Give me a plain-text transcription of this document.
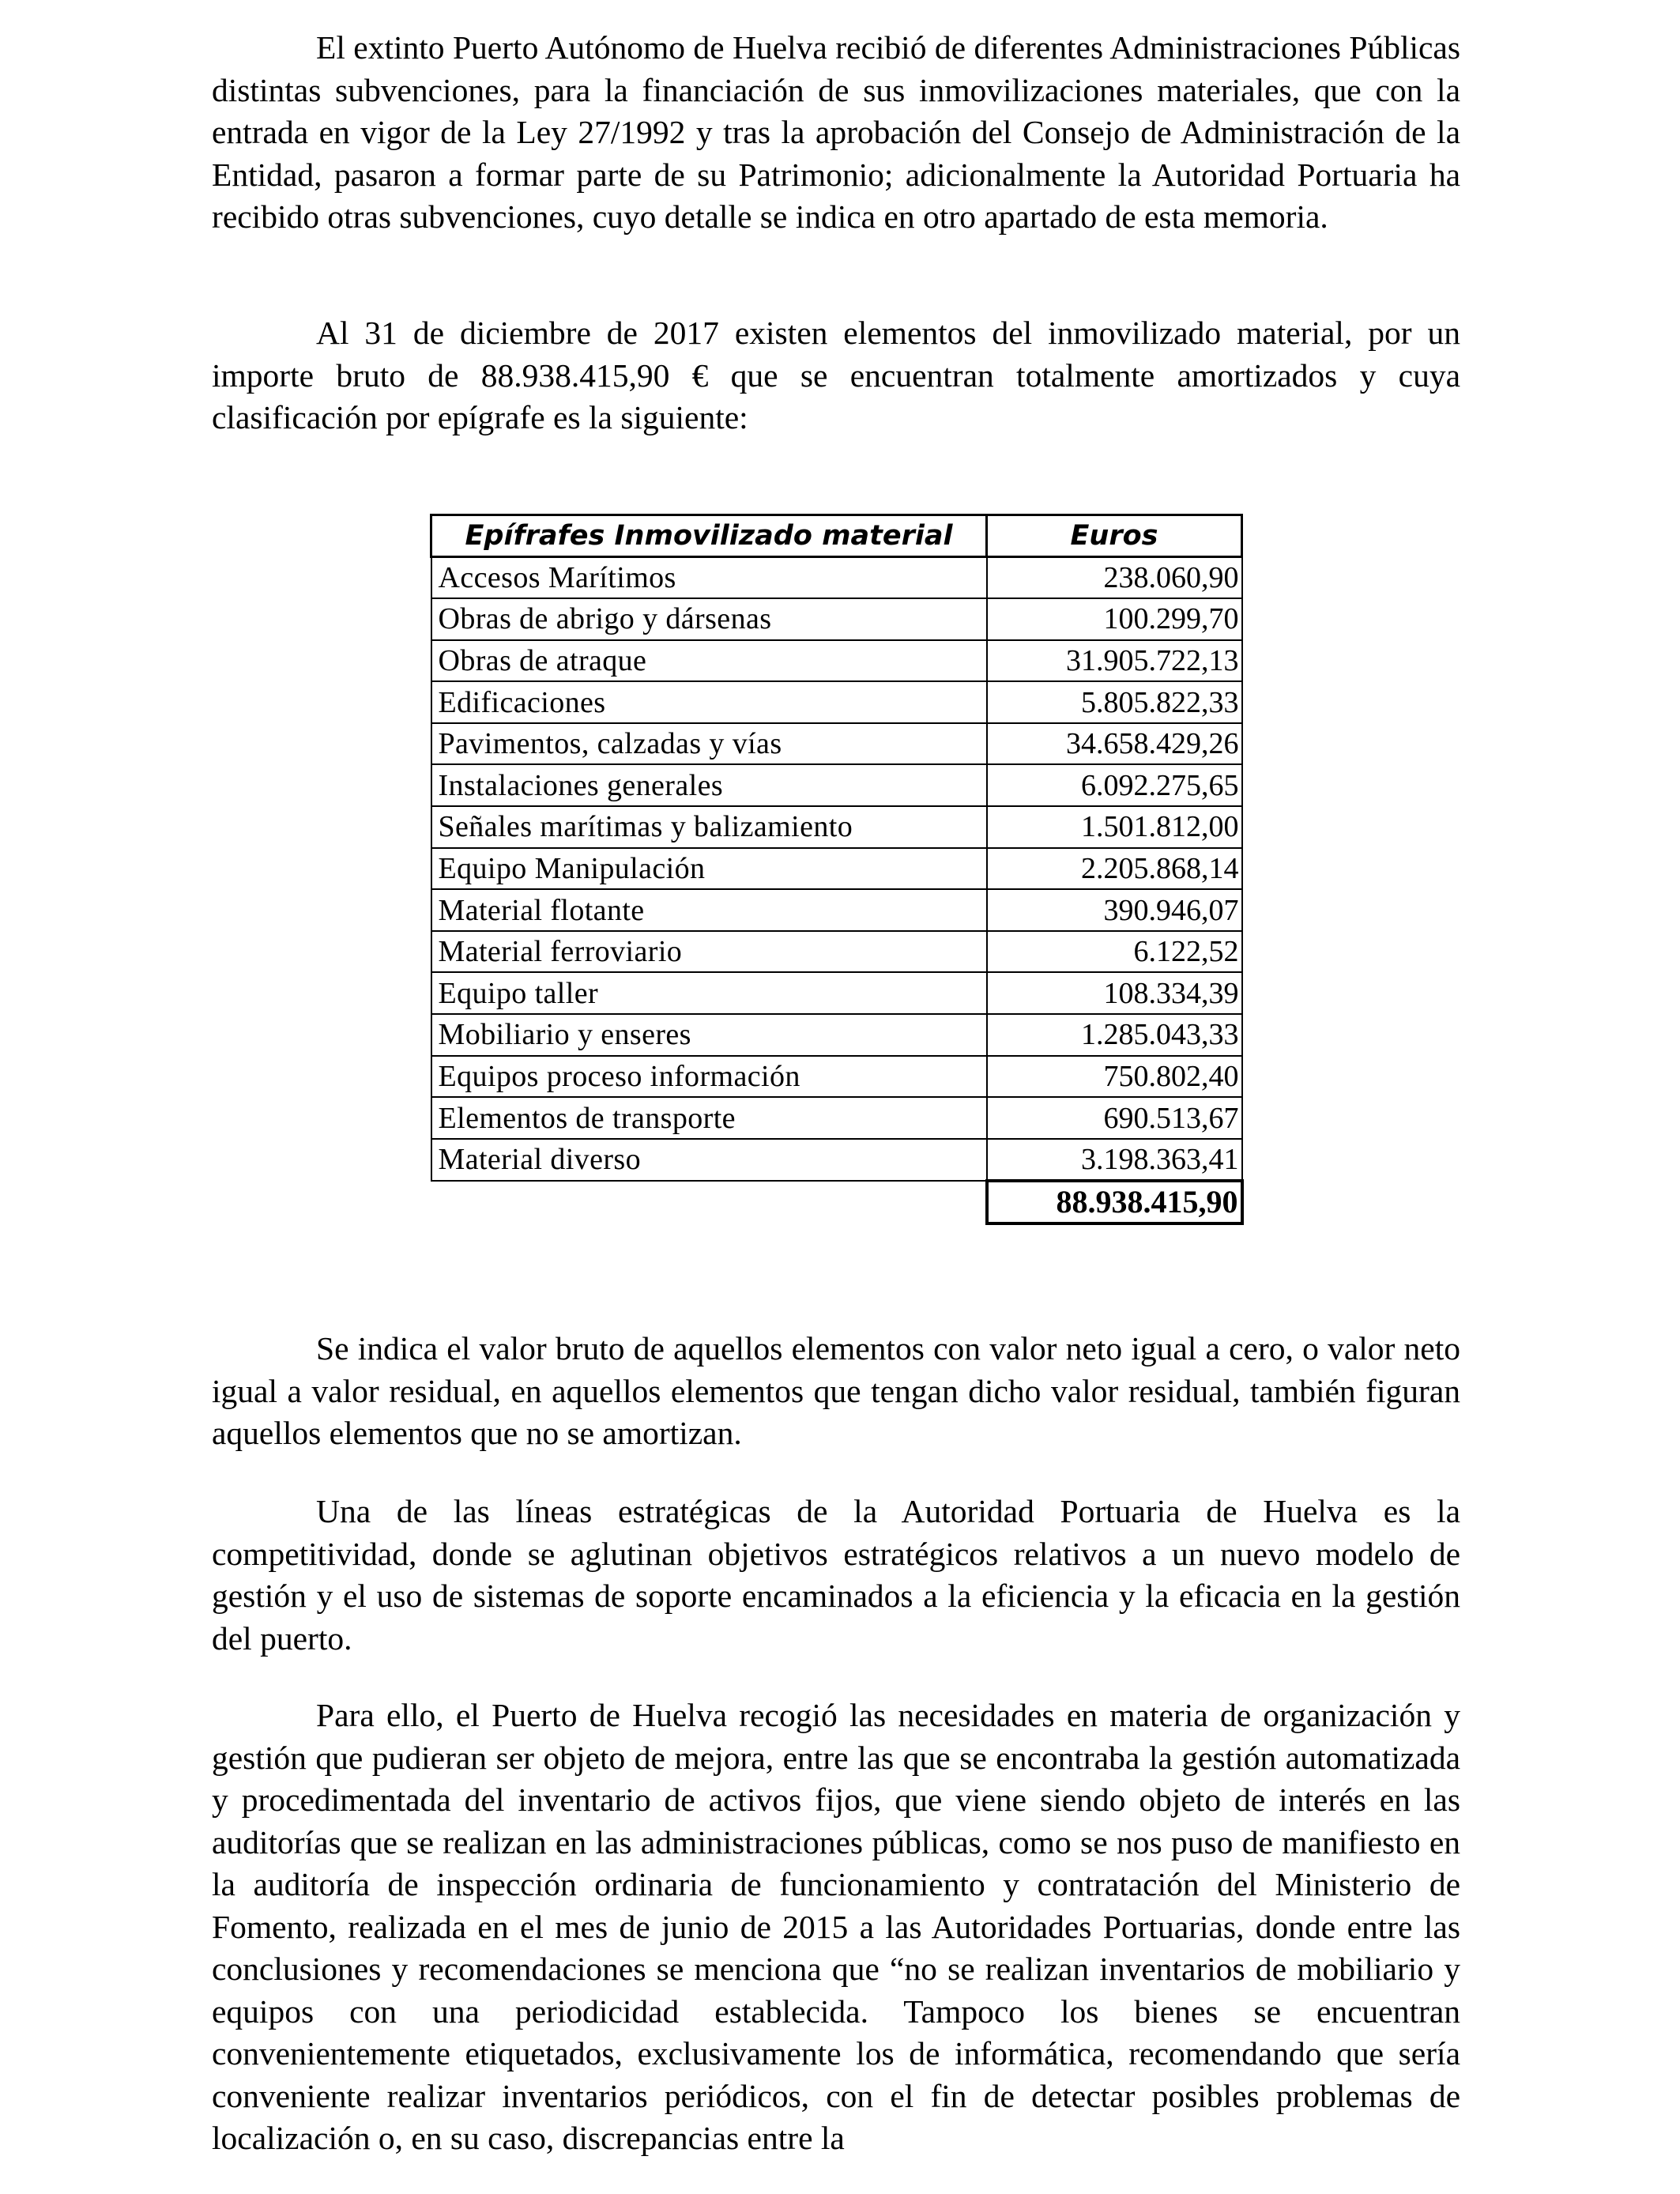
El extinto Puerto Autónomo de Huelva recibió de diferentes Administraciones Públicas distintas subvenciones, para la financiación de sus inmovilizaciones materiales, que con la entrada en vigor de la Ley 27/1992 y tras la aprobación del Consejo de Administración de la Entidad, pasaron a formar parte de su Patrimonio; adicionalmente la Autoridad Portuaria ha recibido otras subvenciones, cuyo detalle se indica en otro apartado de esta memoria.

Al 31 de diciembre de 2017 existen elementos del inmovilizado material, por un importe bruto de 88.938.415,90 € que se encuentran totalmente amortizados y cuya clasificación por epígrafe es la siguiente:

Epífrafes Inmovilizado material	Euros
Accesos Marítimos	238.060,90
Obras de abrigo y dársenas	100.299,70
Obras de atraque	31.905.722,13
Edificaciones	5.805.822,33
Pavimentos, calzadas y vías	34.658.429,26
Instalaciones generales	6.092.275,65
Señales marítimas y balizamiento	1.501.812,00
Equipo Manipulación	2.205.868,14
Material flotante	390.946,07
Material ferroviario	6.122,52
Equipo taller	108.334,39
Mobiliario y enseres	1.285.043,33
Equipos proceso información	750.802,40
Elementos de transporte	690.513,67
Material diverso	3.198.363,41
	88.938.415,90

Se indica el valor bruto de aquellos elementos con valor neto igual a cero, o valor neto igual a valor residual, en aquellos elementos que tengan dicho valor residual, también figuran aquellos elementos que no se amortizan.

Una de las líneas estratégicas de la Autoridad Portuaria de Huelva es la competitividad, donde se aglutinan objetivos estratégicos relativos a un nuevo modelo de gestión y el uso de sistemas de soporte encaminados a la eficiencia y la eficacia en la gestión del puerto.

Para ello, el Puerto de Huelva recogió las necesidades en materia de organización y gestión que pudieran ser objeto de mejora, entre las que se encontraba la gestión automatizada y procedimentada del inventario de activos fijos, que viene siendo objeto de interés en las auditorías que se realizan en las administraciones públicas, como se nos puso de manifiesto en la auditoría de inspección ordinaria de funcionamiento y contratación del Ministerio de Fomento, realizada en el mes de junio de 2015 a las Autoridades Portuarias, donde entre las conclusiones y recomendaciones se menciona que “no se realizan inventarios de mobiliario y equipos con una periodicidad establecida. Tampoco los bienes se encuentran convenientemente etiquetados, exclusivamente los de informática, recomendando que sería conveniente realizar inventarios periódicos, con el fin de detectar posibles problemas de localización o, en su caso, discrepancias entre la
